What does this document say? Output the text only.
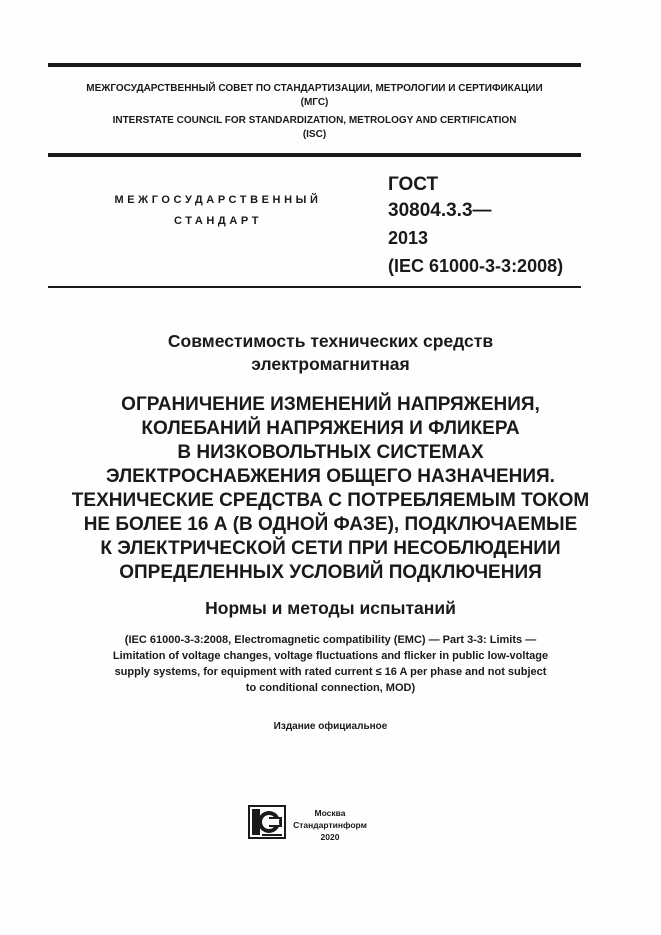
МЕЖГОСУДАРСТВЕННЫЙ СОВЕТ ПО СТАНДАРТИЗАЦИИ, МЕТРОЛОГИИ И СЕРТИФИКАЦИИ
(МГС)
INTERSTATE COUNCIL FOR STANDARDIZATION, METROLOGY AND CERTIFICATION
(ISC)
МЕЖГОСУДАРСТВЕННЫЙ
СТАНДАРТ
ГОСТ
30804.3.3—
2013
(IEC 61000-3-3:2008)
Совместимость технических средств
электромагнитная
ОГРАНИЧЕНИЕ ИЗМЕНЕНИЙ НАПРЯЖЕНИЯ,
КОЛЕБАНИЙ НАПРЯЖЕНИЯ И ФЛИКЕРА
В НИЗКОВОЛЬТНЫХ СИСТЕМАХ
ЭЛЕКТРОСНАБЖЕНИЯ ОБЩЕГО НАЗНАЧЕНИЯ.
ТЕХНИЧЕСКИЕ СРЕДСТВА С ПОТРЕБЛЯЕМЫМ ТОКОМ
НЕ БОЛЕЕ 16 А (В ОДНОЙ ФАЗЕ), ПОДКЛЮЧАЕМЫЕ
К ЭЛЕКТРИЧЕСКОЙ СЕТИ ПРИ НЕСОБЛЮДЕНИИ
ОПРЕДЕЛЕННЫХ УСЛОВИЙ ПОДКЛЮЧЕНИЯ
Нормы и методы испытаний
(IEC 61000-3-3:2008, Electromagnetic compatibility (EMC) — Part 3-3: Limits —
Limitation of voltage changes, voltage fluctuations and flicker in public low-voltage
supply systems, for equipment with rated current ≤ 16 A per phase and not subject
to conditional connection, MOD)
Издание официальное
Москва
Стандартинформ
2020
